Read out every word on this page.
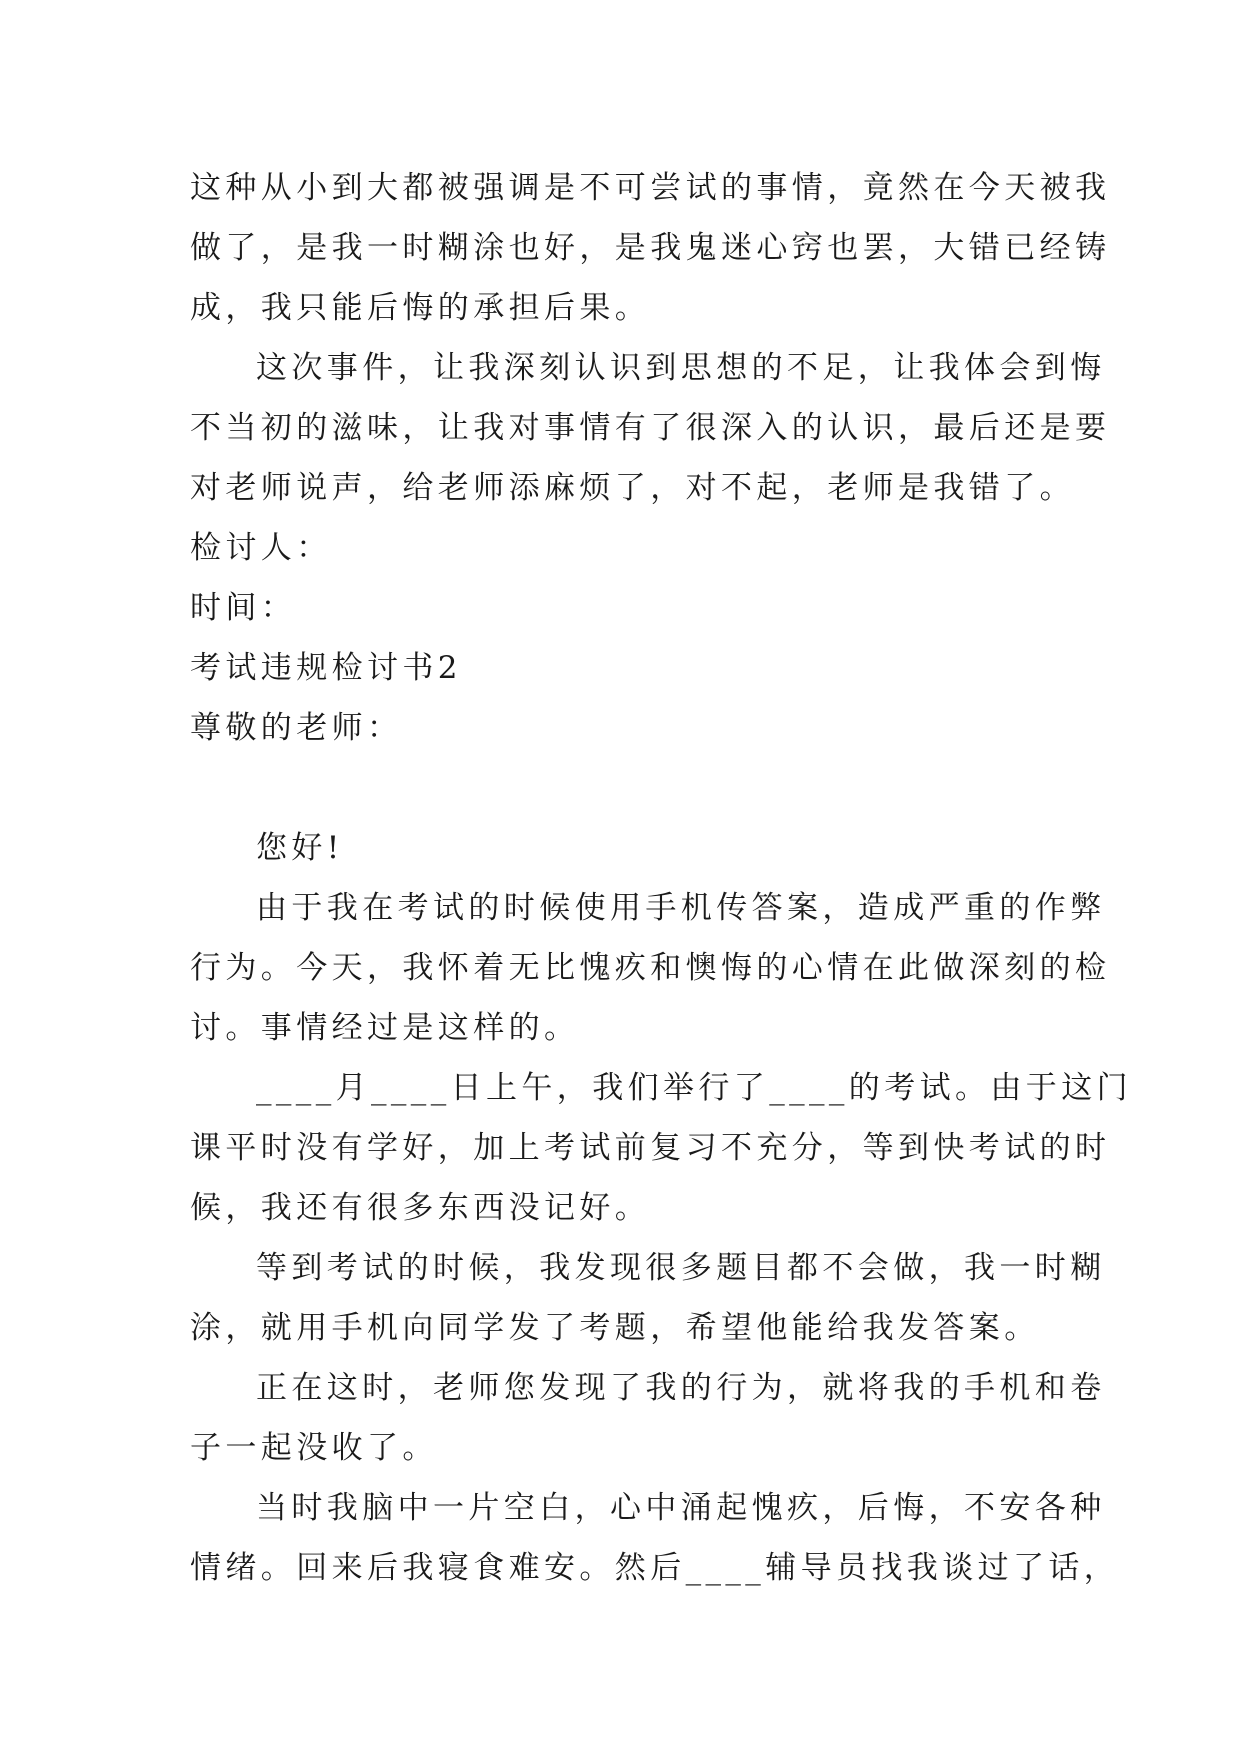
这种从小到大都被强调是不可尝试的事情，竟然在今天被我
做了，是我一时糊涂也好，是我鬼迷心窍也罢，大错已经铸
成，我只能后悔的承担后果。
这次事件，让我深刻认识到思想的不足，让我体会到悔
不当初的滋味，让我对事情有了很深入的认识，最后还是要
对老师说声，给老师添麻烦了，对不起，老师是我错了。
检讨人：
时间：
考试违规检讨书2
尊敬的老师：
您好!
由于我在考试的时候使用手机传答案，造成严重的作弊
行为。今天，我怀着无比愧疚和懊悔的心情在此做深刻的检
讨。事情经过是这样的。
____月____日上午，我们举行了____的考试。由于这门
课平时没有学好，加上考试前复习不充分，等到快考试的时
候，我还有很多东西没记好。
等到考试的时候，我发现很多题目都不会做，我一时糊
涂，就用手机向同学发了考题，希望他能给我发答案。
正在这时，老师您发现了我的行为，就将我的手机和卷
子一起没收了。
当时我脑中一片空白，心中涌起愧疚，后悔，不安各种
情绪。回来后我寝食难安。然后____辅导员找我谈过了话，
